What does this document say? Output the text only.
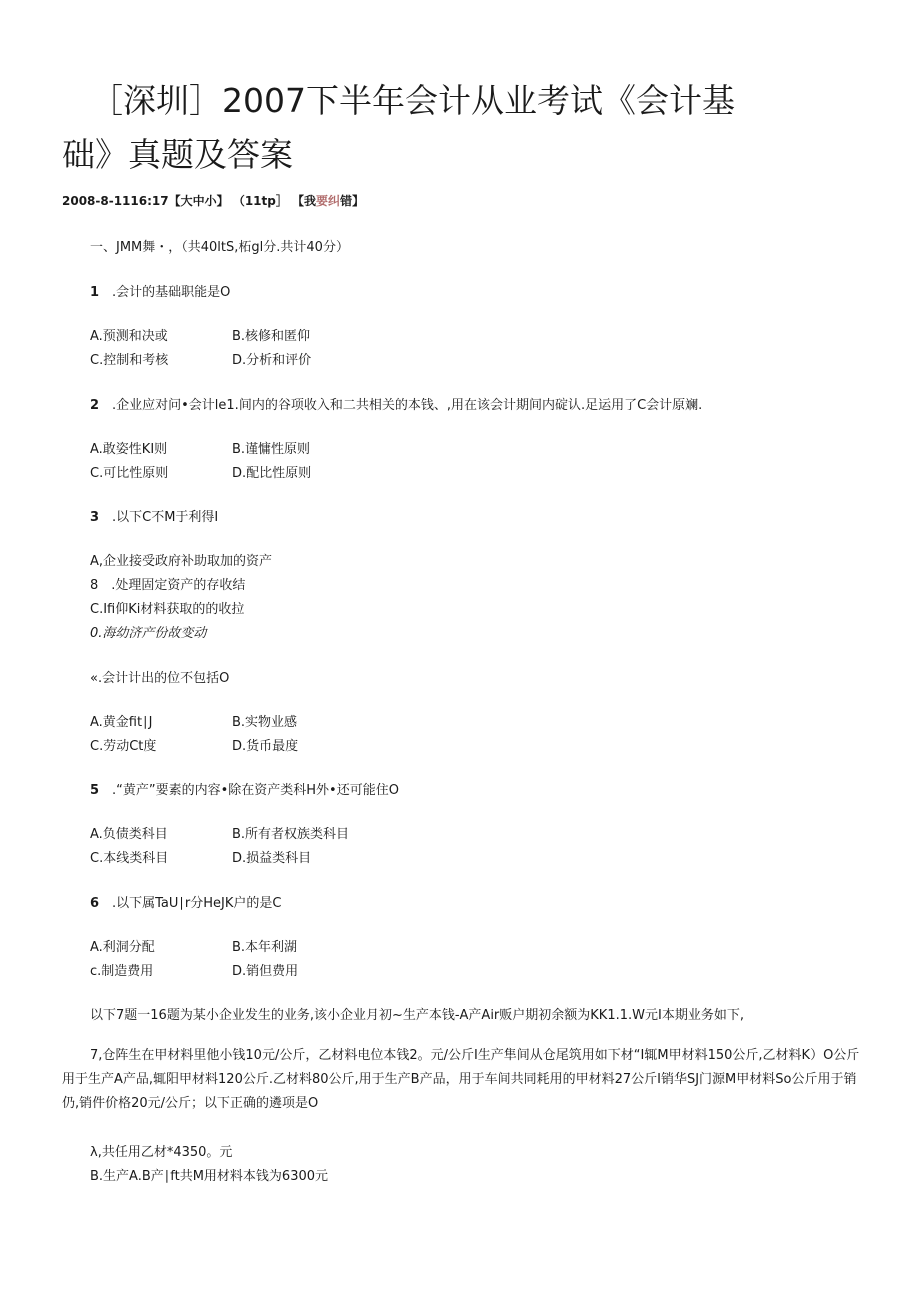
［深圳］2007下半年会计从业考试《会计基
础》真题及答案
2008-8-1116:17【大中小】 （11tp］ 【我要纠错】
一、JMM舞・，（共40ltS,柘gl分.共计40分）
1 .会计的基础职能是O
A.预测和决或	B.核修和匿仰
C.控制和考核	D.分析和评价
2 .企业应对问•会计le1.间内的谷项收入和二共相关的本钱、,用在该会计期间内碇认.足运用了C会计原斓.
A.敢姿性KI则	B.谨慵性原则
C.可比性原则	D.配比性原则
3 .以下C不M于利得I
A,企业接受政府补助取加的资产
8　.处理固定资产的存收结
C.Ifi仰Ki材料获取的的收拉
0.海幼济产份故变动
«.会计计出的位不包括O
A.黄金fit∣J	B.实物业感
C.劳动Ct度	D.货币最度
5 .“黄产”要素的内容•除在资产类科H外•还可能住O
A.负债类科目	B.所有者权族类科目
C.本线类科目	D.损益类科目
6 .以下属TaU∣r分HeJK户的是C
A.利洞分配	B.本年利湖
c.制造费用	D.销但费用
以下7题一16题为某小企业发生的业务,该小企业月初~生产本钱-A产Air贩户期初余额为KK1.1.W元I本期业务如下,
7,仓阵生在甲材料里他小钱10元/公斤，乙材料电位本钱2。元/公斤I生产隼间从仓尾筑用如下材“I辄M甲材料150公斤,乙材料K）O公斤用于生产A产品,辄阳甲材料120公斤.乙材料80公斤,用于生产B产品，用于车间共同耗用的甲材料27公斤I销华SJ门源M甲材料So公斤用于销仍,销件价格20元/公斤；以下正确的遴项是O
λ,共任用乙材*4350。元
B.生产A.B产∣ft共M用材料本钱为6300元
